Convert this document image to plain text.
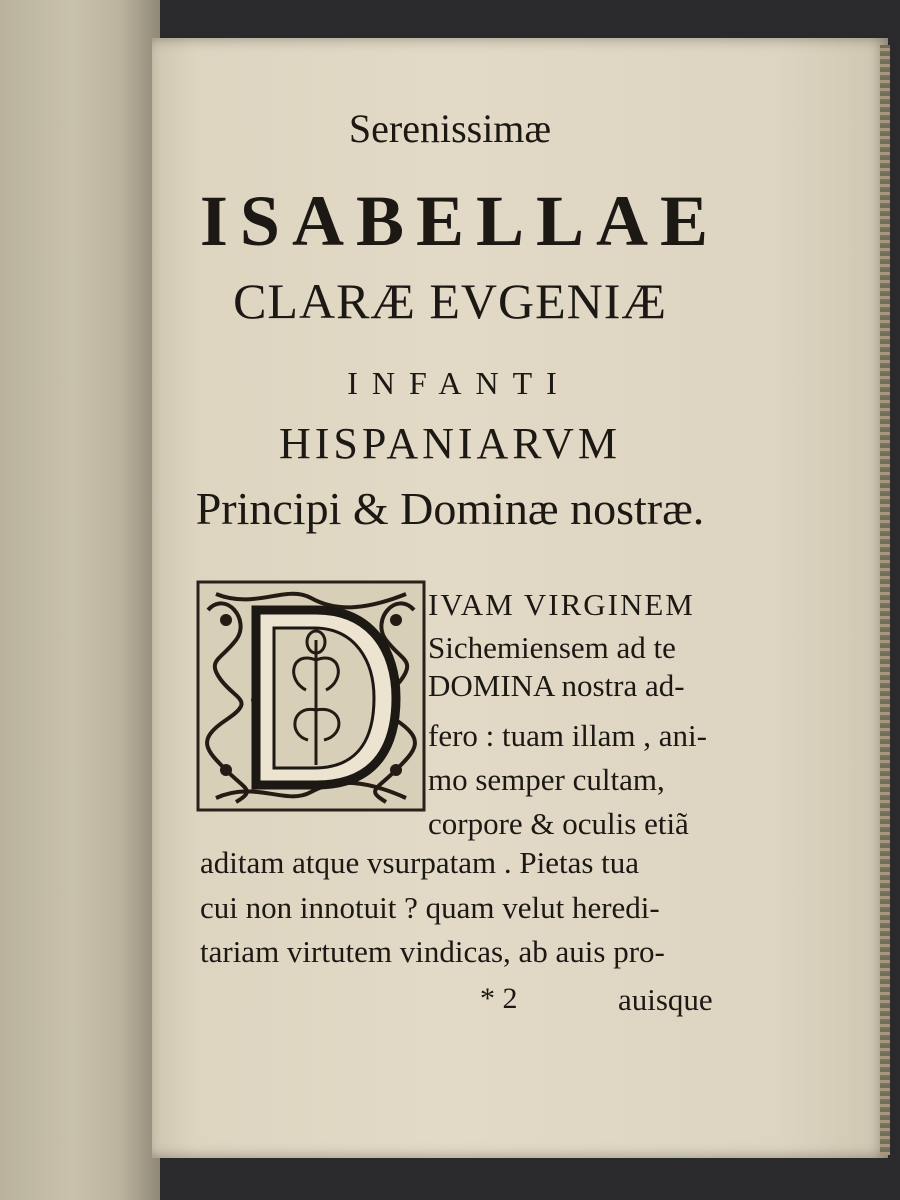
Serenissimæ
ISABELLAE
CLARÆ EVGENIÆ
INFANTI
HISPANIARVM
Principi & Dominæ nostræ.
IVAM VIRGINEM
Sichemiensem ad te
DOMINA nostra ad-
fero : tuam illam , ani-
mo semper cultam,
corpore & oculis etiã
aditam atque vsurpatam . Pietas tua
cui non innotuit ? quam velut heredi-
tariam virtutem vindicas, ab auis pro-
* 2	auisque
